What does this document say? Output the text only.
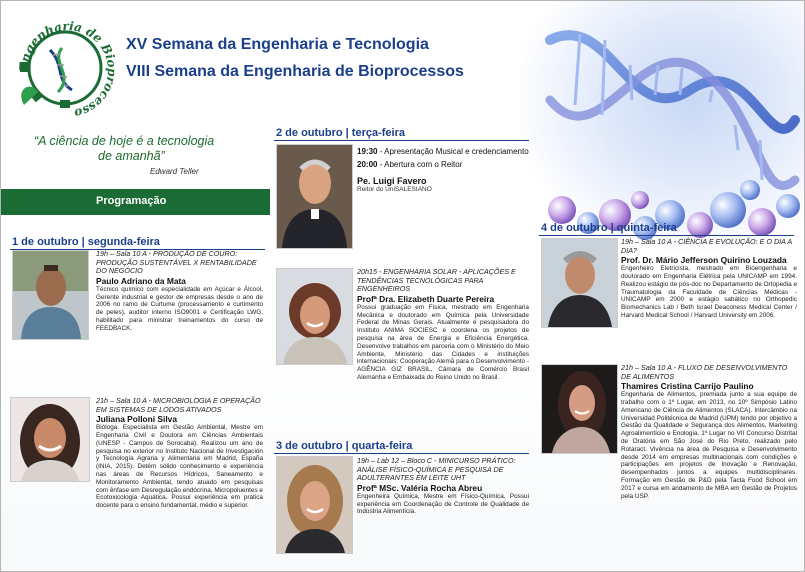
Engenharia de Bioprocesso
XV Semana da Engenharia e Tecnologia
VIII Semana da Engenharia de Bioprocessos
“A ciência de hoje é a tecnologia
de amanhã”
Edward Teller
Programação
1 de outubro | segunda-feira
19h – Sala 10 A - PRODUÇÃO DE COURO: PRODUÇÃO SUSTENTÁVEL X RENTABILIDADE DO NEGÓCIO
Paulo Adriano da Mata
Técnico químico com especialidade em Açúcar e Álcool, Gerente industrial e gestor de empresas desde o ano de 2006 no ramo de Curtume (processamento e curtimento de peles), auditor interno ISO9001 e Certificação LWG, habilitado para ministrar treinamentos do curso de FEEDBACK.
21h – Sala 10 A - MICROBIOLOGIA E OPERAÇÃO EM SISTEMAS DE LODOS ATIVADOS
Juliana Polloni Silva
Bióloga. Especialista em Gestão Ambiental, Mestre em Engenharia Civil e Doutora em Ciências Ambientais (UNESP - Campus de Sorocaba). Realizou um ano de pesquisa no exterior no Instituto Nacional de Investigación y Tecnología Agraria y Alimentaria em Madrid, España (INIA, 2015). Detém sólido conhecimento e experiência nas áreas de Recursos Hídricos, Saneamento e Monitoramento Ambiental, tendo atuado em pesquisas com ênfase em Desregulação endócrina, Micropoluentes e Ecotoxicologia Aquática. Possui experiência em prática docente para o ensino fundamental, médio e superior.
2 de outubro | terça-feira
19:30 - Apresentação Musical e credenciamento
20:00 - Abertura com o Reitor
Pe. Luigi Favero
Reitor do UniSALESIANO
20h15 - ENGENHARIA SOLAR - APLICAÇÕES E TENDÊNCIAS TECNOLÓGICAS PARA ENGENHEIROS
Profª Dra. Elizabeth Duarte Pereira
Possui graduação em Física, mestrado em Engenharia Mecânica e doutorado em Química pela Universidade Federal de Minas Gerais. Atualmente é pesquisadora do Instituto ANIMA SOCIESC e coordena os projetos de pesquisa na área de Energia e Eficiência Energética. Desenvolve trabalhos em parceria com o Ministério do Meio Ambiente, Ministério das Cidades e instituições internacionais: Cooperação Alemã para o Desenvolvimento - AGÊNCIA GIZ BRASIL, Câmara de Comércio Brasil Alemanha e Embaixada do Reino Unido no Brasil.
3 de outubro | quarta-feira
19h – Lab 12 – Bloco C - MINICURSO PRÁTICO: ANÁLISE FÍSICO-QUÍMICA E PESQUISA DE ADULTERANTES EM LEITE UHT
Profª MSc. Valéria Rocha Abreu
Engenheira Química, Mestre em Físico-Química. Possui experiência em Coordenação de Controle de Qualidade de Indústria Alimentícia.
4 de outubro | quinta-feira
19h – Sala 10 A - CIÊNCIA E EVOLUÇÃO: E O DIA A DIA?
Prof. Dr. Mário Jefferson Quirino Louzada
Engenheiro Eletricista, mestrado em Bioengenharia e doutorado em Engenharia Elétrica pela UNICAMP em 1994. Realizou estágio de pós-doc no Departamento de Ortopedia e Traumatologia da Faculdade de Ciências Médicas - UNICAMP em 2000 e estágio sabático no Orthopedic Biomechanics Lab / Beth Israel Deaconess Medical Center / Harvard Medical School / Harvard University em 2006.
21h – Sala 10 A - FLUXO DE DESENVOLVIMENTO DE ALIMENTOS
Thamires Cristina Carrijo Paulino
Engenharia de Alimentos, premiada junto a sua equipe de trabalho com o 1º Lugar, em 2013, no 10º Simpósio Latino Americano de Ciência de Alimentos (SLACA). Intercâmbio na Universidad Politécnica de Madrid (UPM) tendo por objetivo a Gestão da Qualidade e Segurança dos Alimentos, Marketing Agroalimentício e Enologia. 1º Lugar no VII Concurso Distrital de Oratória em São José do Rio Preto, realizado pelo Rotaract. Vivência na área de Pesquisa e Desenvolvimento desde 2014 em empresas multinacionais com condições e participações em projetos de Inovação e Renovação, desempenhados juntos a equipes multidisciplinares. Formação em Gestão de P&D pela Tacta Food School em 2017 e cursa em andamento de MBA em Gestão de Projetos pela USP.
